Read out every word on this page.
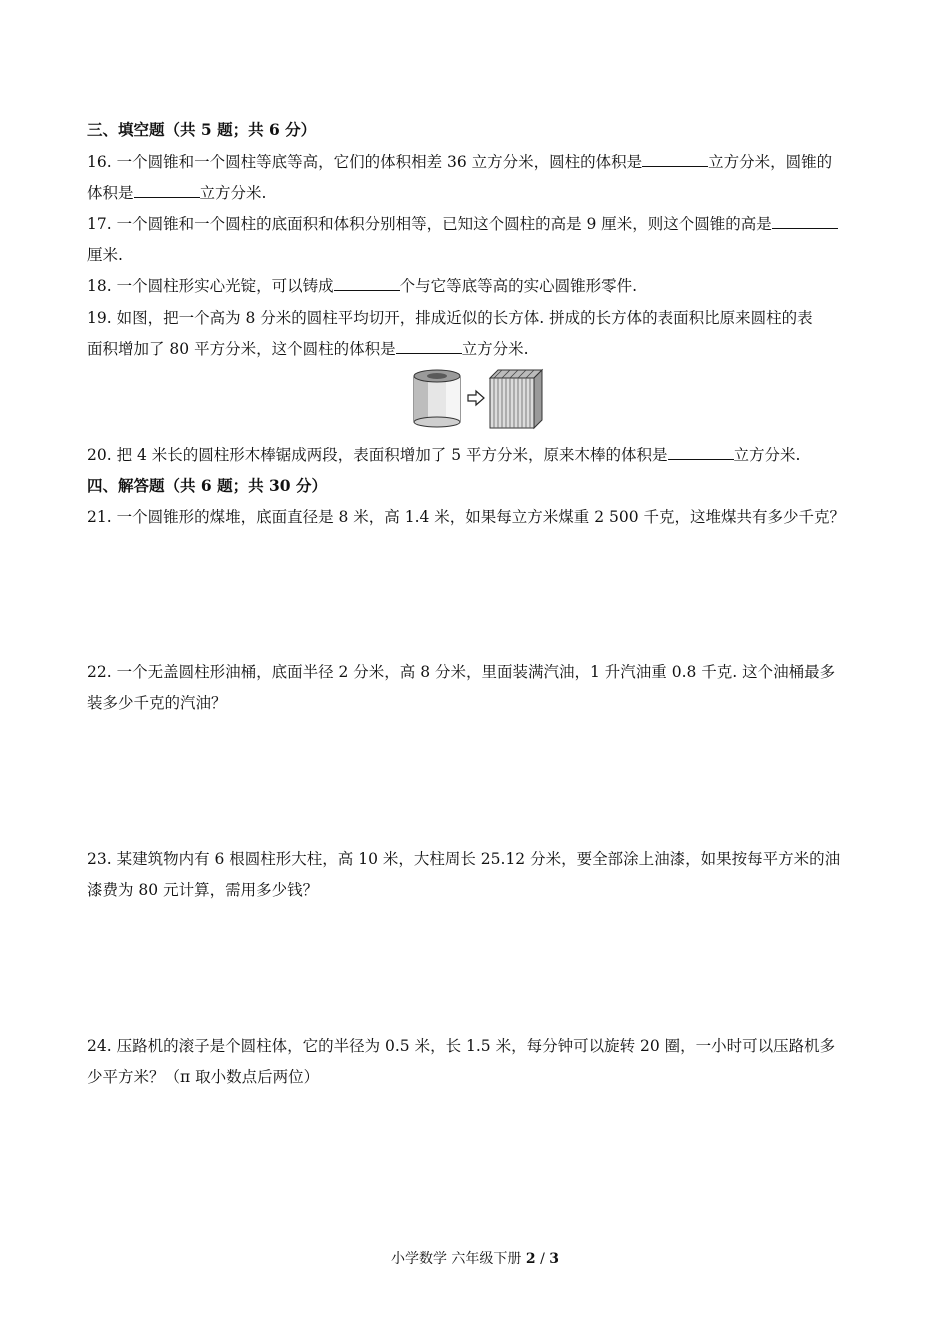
三、填空题（共 5 题；共 6 分）
16. 一个圆锥和一个圆柱等底等高，它们的体积相差 36 立方分米，圆柱的体积是	立方分米，圆锥的
体积是	立方分米.
17. 一个圆锥和一个圆柱的底面积和体积分别相等，已知这个圆柱的高是 9 厘米，则这个圆锥的高是
厘米.
18. 一个圆柱形实心光锭，可以铸成	个与它等底等高的实心圆锥形零件.
19. 如图，把一个高为 8 分米的圆柱平均切开，排成近似的长方体. 拼成的长方体的表面积比原来圆柱的表
面积增加了 80 平方分米，这个圆柱的体积是	立方分米.
20. 把 4 米长的圆柱形木棒锯成两段，表面积增加了 5 平方分米，原来木棒的体积是	立方分米.
四、解答题（共 6 题；共 30 分）
21. 一个圆锥形的煤堆，底面直径是 8 米，高 1.4 米，如果每立方米煤重 2 500 千克，这堆煤共有多少千克？
22. 一个无盖圆柱形油桶，底面半径 2 分米，高 8 分米，里面装满汽油，1 升汽油重 0.8 千克. 这个油桶最多
装多少千克的汽油？
23. 某建筑物内有 6 根圆柱形大柱，高 10 米，大柱周长 25.12 分米，要全部涂上油漆，如果按每平方米的油
漆费为 80 元计算，需用多少钱？
24. 压路机的滚子是个圆柱体，它的半径为 0.5 米，长 1.5 米，每分钟可以旋转 20 圈，一小时可以压路机多
少平方米？（π 取小数点后两位）
小学数学 六年级下册 2 / 3
